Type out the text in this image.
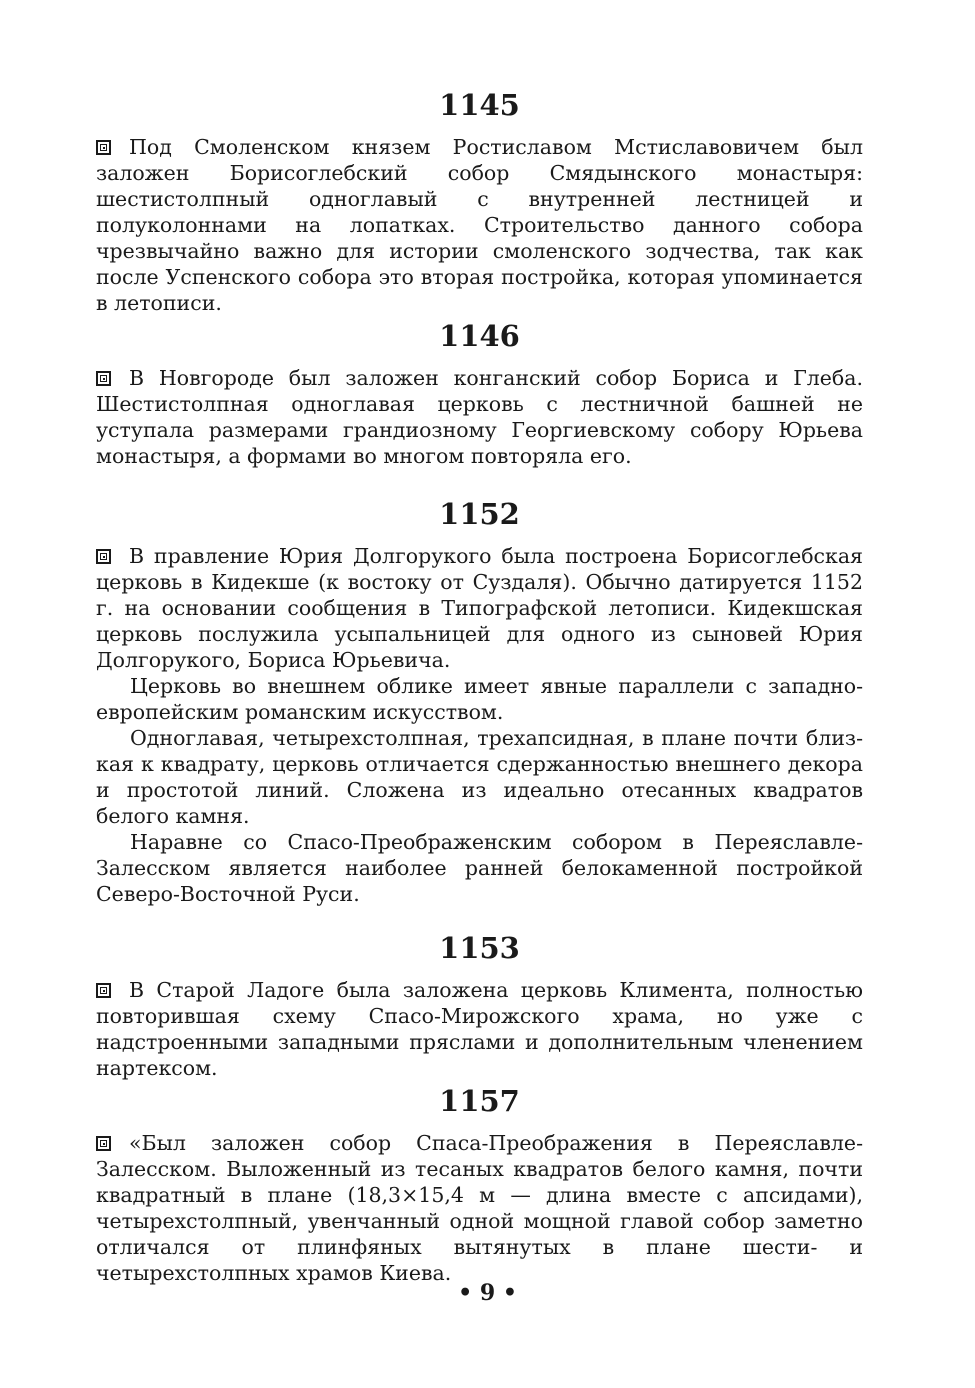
1145

Под Смоленском князем Ростиславом Мстиславовичем был заложен Борисоглебский собор Смядынского монастыря: шестистолпный одноглавый с внутренней лестницей и полуколоннами на лопатках. Строительство данного собора чрезвычайно важно для истории смоленского зодчества, так как после Успенского собора это вторая постройка, которая упоминается в летописи.

1146

В Новгороде был заложен конганский собор Бориса и Глеба. Шестистолпная одноглавая церковь с лестничной башней не уступала размерами грандиозному Георгиевскому собору Юрьева монастыря, а формами во многом повторяла его.

1152

В правление Юрия Долгорукого была построена Борисоглебская церковь в Кидекше (к востоку от Суздаля). Обычно датируется 1152 г. на основании сообщения в Типографской летописи. Кидекшская церковь послужила усыпальницей для одного из сыновей Юрия Долгорукого, Бориса Юрьевича.

Церковь во внешнем облике имеет явные параллели с западно-европейским романским искусством.

Одноглавая, четырехстолпная, трехапсидная, в плане почти близкая к квадрату, церковь отличается сдержанностью внешнего декора и простотой линий. Сложена из идеально отесанных квадратов белого камня.

Наравне со Спасо-Преображенским собором в Переяславле-Залесском является наиболее ранней белокаменной постройкой Северо-Восточной Руси.

1153

В Старой Ладоге была заложена церковь Климента, полностью повторившая схему Спасо-Мирожского храма, но уже с надстроенными западными пряслами и дополнительным членением нартексом.

1157

«Был заложен собор Спаса-Преображения в Переяславле-Залесском. Выложенный из тесаных квадратов белого камня, почти квадратный в плане (18,3×15,4 м — длина вместе с апсидами), четырехстолпный, увенчанный одной мощной главой собор заметно отличался от плинфяных вытянутых в плане шести- и четырехстолпных храмов Киева.

• 9 •
